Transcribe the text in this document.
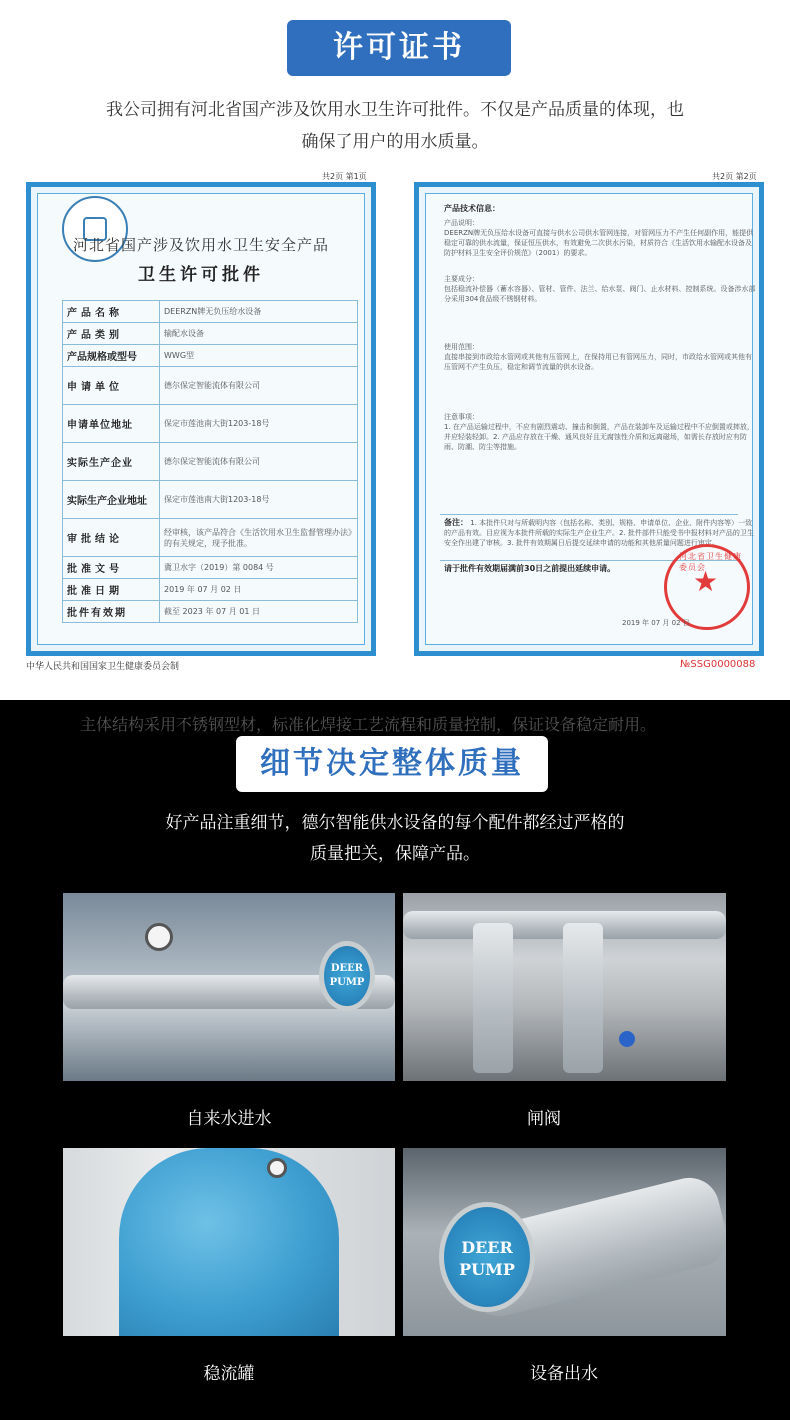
许可证书
我公司拥有河北省国产涉及饮用水卫生许可批件。不仅是产品质量的体现，也
确保了用户的用水质量。
共2页 第1页
河北省国产涉及饮用水卫生安全产品
卫生许可批件
产品名称	DEERZN牌无负压给水设备
产品类别	输配水设备
产品规格或型号	WWG型
申请单位	德尔保定智能流体有限公司
申请单位地址	保定市莲池南大街1203-18号
实际生产企业	德尔保定智能流体有限公司
实际生产企业地址	保定市莲池南大街1203-18号
审批结论	经审核，该产品符合《生活饮用水卫生监督管理办法》的有关规定，现予批准。
批准文号	冀卫水字（2019）第 0084 号
批准日期	2019 年 07 月 02 日
批件有效期	截至 2023 年 07 月 01 日
中华人民共和国国家卫生健康委员会制
共2页 第2页
产品技术信息：
产品说明：
DEERZN牌无负压给水设备可直接与供水公司供水管网连接，对管网压力不产生任何副作用，能提供稳定可靠的供水流量，保证恒压供水，有效避免二次供水污染，材质符合《生活饮用水输配水设备及防护材料卫生安全评价规范》（2001）的要求。
主要成分：
包括稳流补偿器（蓄水容器）、管材、管件、法兰、给水泵、阀门、止水材料、控制系统。设备涉水部分采用304食品级不锈钢材料。
使用范围：
直接串接到市政给水管网或其他有压管网上，在保持用已有管网压力，同时，市政给水管网或其他有压管网不产生负压，稳定和调节流量的供水设备。
注意事项：
1. 在产品运输过程中，不应有剧烈震动、撞击和倒置，产品在装卸车及运输过程中不应倒置或摔放，并应轻装轻卸。2. 产品应存放在干燥、通风良好且无腐蚀性介质和远离磁场，如需长存放时应有防雨、防潮、防尘等措施。
备注： 1. 本批件只对与所载明内容（包括名称、类别、规格、申请单位、企业、附件内容等）一致的产品有效。目应视为本批件所载的实际生产企业生产。2. 批件部件只能受书中报材料对产品的卫生安全作出建了审核。3. 批件有效期属日后提交延续申请的功能和其他质量问题进行审定。
请于批件有效期届满前30日之前提出延续申请。
河北省卫生健康委员会
★
2019 年 07 月 02 日
№SSG0000088
主体结构采用不锈钢型材，标准化焊接工艺流程和质量控制，保证设备稳定耐用。
细节决定整体质量
好产品注重细节，德尔智能供水设备的每个配件都经过严格的
质量把关，保障产品。
DEER
PUMP
自来水进水	闸阀
稳流罐
DEER
PUMP
设备出水
